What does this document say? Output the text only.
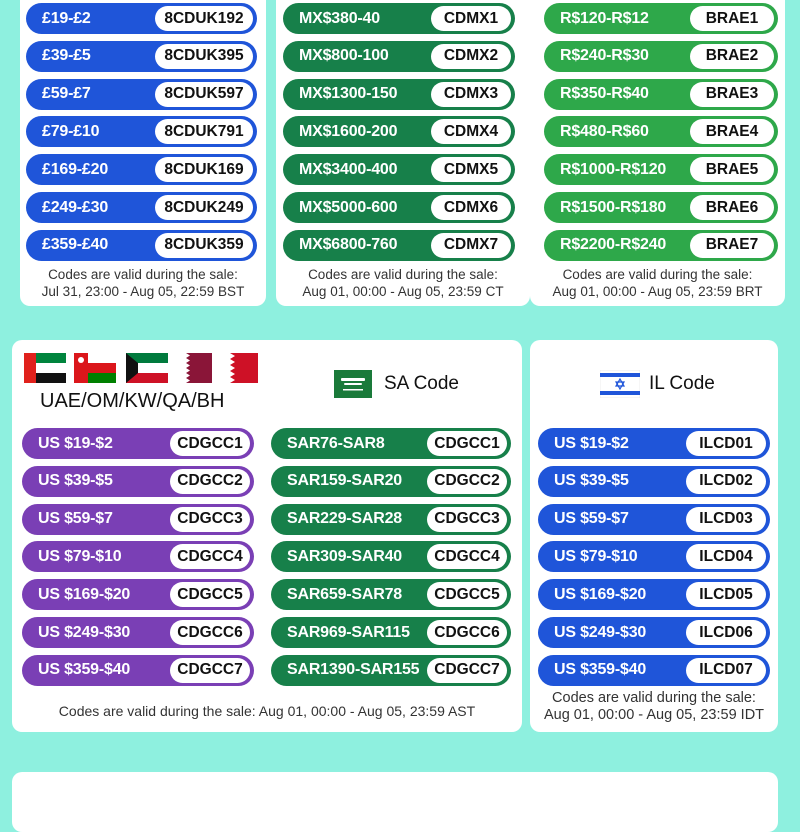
£19-£2	8CDUK192
£39-£5	8CDUK395
£59-£7	8CDUK597
£79-£10	8CDUK791
£169-£20	8CDUK169
£249-£30	8CDUK249
£359-£40	8CDUK359
Codes are valid during the sale:
Jul 31, 23:00 - Aug 05, 22:59 BST
MX$380-40	CDMX1
MX$800-100	CDMX2
MX$1300-150	CDMX3
MX$1600-200	CDMX4
MX$3400-400	CDMX5
MX$5000-600	CDMX6
MX$6800-760	CDMX7
Codes are valid during the sale:
Aug 01, 00:00 - Aug 05, 23:59 CT
R$120-R$12	BRAE1
R$240-R$30	BRAE2
R$350-R$40	BRAE3
R$480-R$60	BRAE4
R$1000-R$120	BRAE5
R$1500-R$180	BRAE6
R$2200-R$240	BRAE7
Codes are valid during the sale:
Aug 01, 00:00 - Aug 05, 23:59 BRT
UAE/OM/KW/QA/BH
SA Code	IL Code
US $19-$2	CDGCC1
US $39-$5	CDGCC2
US $59-$7	CDGCC3
US $79-$10	CDGCC4
US $169-$20	CDGCC5
US $249-$30	CDGCC6
US $359-$40	CDGCC7
SAR76-SAR8	CDGCC1
SAR159-SAR20	CDGCC2
SAR229-SAR28	CDGCC3
SAR309-SAR40	CDGCC4
SAR659-SAR78	CDGCC5
SAR969-SAR115	CDGCC6
SAR1390-SAR155 CDGCC7
US $19-$2	ILCD01
US $39-$5	ILCD02
US $59-$7	ILCD03
US $79-$10	ILCD04
US $169-$20	ILCD05
US $249-$30	ILCD06
US $359-$40	ILCD07
Codes are valid during the sale: Aug 01, 00:00 - Aug 05, 23:59 AST
Codes are valid during the sale:
Aug 01, 00:00 - Aug 05, 23:59 IDT
